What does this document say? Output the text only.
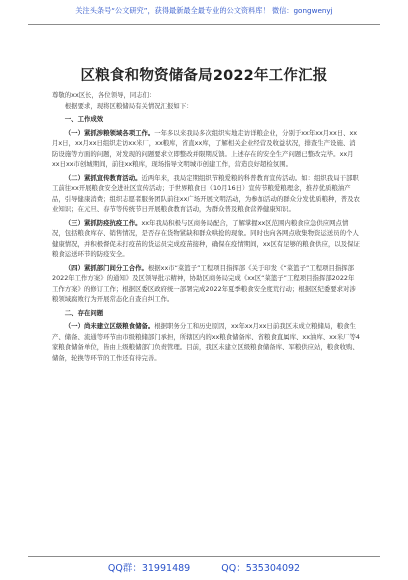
关注头条号“公文研究”，获得最新最全最专业的公文资料库！ 微信：gongwenyj
区粮食和物资储备局2022年工作汇报

尊敬的xx区长，各位领导，同志们：

根据要求，现将区粮储局有关情况汇报如下：

一、工作成效

（一）紧抓涉粮领域各项工作。一年多以来我局多次组织实地走访详粮企业，分别于xx年xx月xx日、xx月x日，xx月xx日组织走访xx米厂，xx粮库，省直xx库，了解相关企业经营及收益状况，排查生产设施、消防设施等方面的问题，对发现的问题要求立即整改并限期反馈。上述存在的安全生产问题已整改完毕。xx月xx日xx市创城期间，前往xx粮库，现场指导文明城市创建工作，营造良好超检氛围。

（二）紧抓宣传教育活动。近两年来，我局定期组织节粮爱粮的科普教育宣传活动。如：组织我局干部职工前往xx开展粮食安全进社区宣传活动；于世界粮食日（10月16日）宣传节粮爱粮理念，推荐优质粮油产品，引导健康消费；组织志愿者服务团队前往xx广场开展文明活动，为参加活动的群众分发优质粮种，普及农业知识；在元旦、春节等传统节日开展粮食教育活动，为群众普及粮食营养健康知识。

（三）紧抓防疫抗疫工作。xx年我局积极与区商务局配合，了解掌握xx区范围内粮食应急供应网点情况，包括粮食库存、销售情况，是否存在货物紧缺和群众哄抢的现象。同时也向各网点收集物资运送员的个人健康情况，并积极督促未打疫苗的货运员完成疫苗接种，确保在疫情期间，xx区有足够的粮食供应，以及保证粮食运送环节的防疫安全。

（四）紧抓部门间分工合作。根据xx市“菜篮子”工程项目指挥部《关于印发《“菜篮子”工程项目指挥部2022年工作方案》的通知》及区领导批示精神，协助区商务局完成《xx区“菜篮子”工程项目指挥部2022年工作方案》的修订工作；根据区委区政府统一部署完成2022年夏季粮食安全度荒行动；根据区纪委要求对涉粮领域腐败行为开展常态化自查自纠工作。

二、存在问题

（一）尚未建立区级粮食储备。根据职务分工和历史原因，xx年xx月xx日前我区未成立粮储局，粮食生产、储备、流通等环节由市级粮储部门承担，所辖区内的xx粮食储备库、省粮食直属库、xx油库、xx米厂等4家粮食储备单位，皆由上级粮储部门负责管理。目前，我区未建立区级粮食储备库、军粮供应站，粮食收购、储备，轮换等环节的工作还有待完善。

QQ群：31991489	QQ：535304092
